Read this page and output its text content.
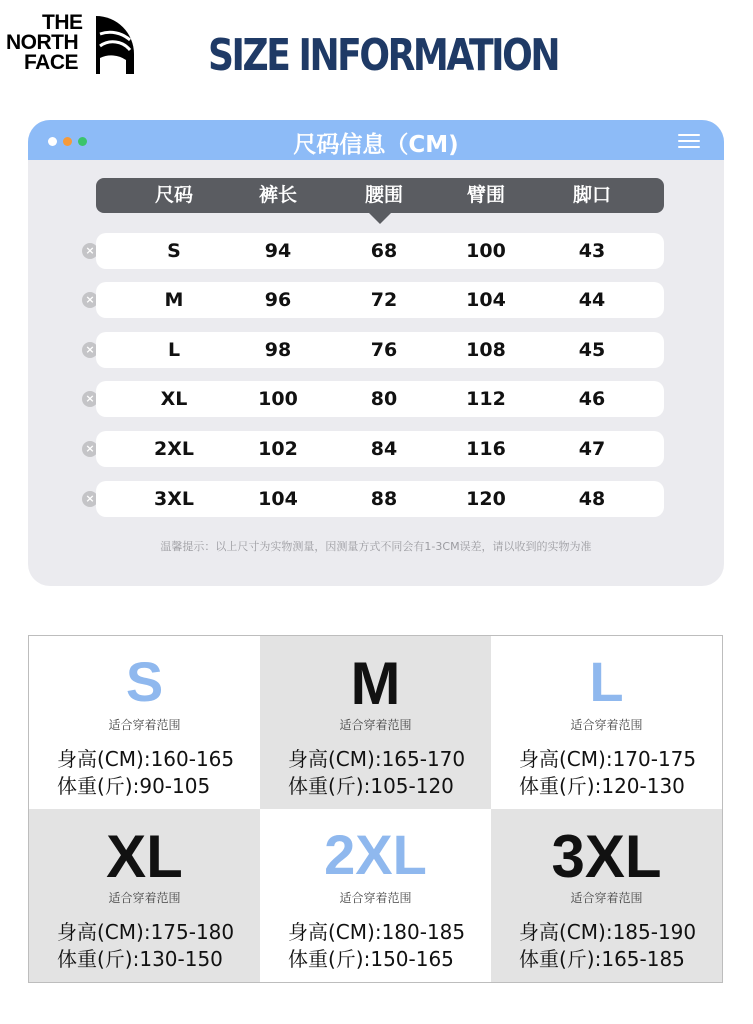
THE
NORTH
FACE	SIZE INFORMATION
尺码信息（CM)
尺码	裤长	腰围	臂围	脚口
×	S	94	68	100	43
×	M	96	72	104	44
×	L	98	76	108	45
×	XL	100	80	112	46
×	2XL	102	84	116	47
×	3XL	104	88	120	48
温馨提示：以上尺寸为实物测量，因测量方式不同会有1-3CM误差，请以收到的实物为准
S
适合穿着范围
身高(CM):160-165
体重(斤):90-105
M
适合穿着范围
身高(CM):165-170
体重(斤):105-120
L
适合穿着范围
身高(CM):170-175
体重(斤):120-130
XL
适合穿着范围
身高(CM):175-180
体重(斤):130-150
2XL
适合穿着范围
身高(CM):180-185
体重(斤):150-165
3XL
适合穿着范围
身高(CM):185-190
体重(斤):165-185
